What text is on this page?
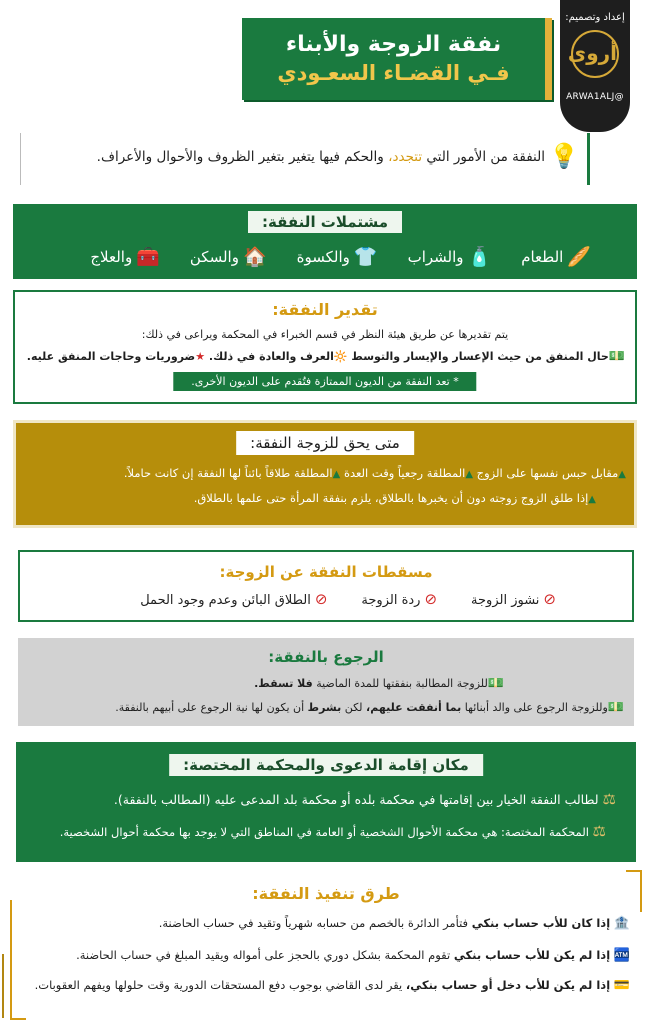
نفقة الزوجة والأبناء
فـي القضـاء السعـودي
إعداد وتصميم:
أروى
@ARWA1ALJ
💡
النفقة من الأمور التي تتجدد، والحكم فيها يتغير بتغير الظروف والأحوال والأعراف.
مشتملات النفقة:
🥖
الطعام
🧴
والشراب
👕
والكسوة
🏠
والسكن
🧰
والعلاج
تقدير النفقة:
يتم تقديرها عن طريق هيئة النظر في قسم الخبراء في المحكمة ويراعى في ذلك:
💵حال المنفق من حيث الإعسار والإيسار والتوسط 🔆العرف والعادة في ذلك. ★ضروريات وحاجات المنفق عليه.
* تعد النفقة من الديون الممتازة فتُقدم على الديون الأخرى.
متى يحق للزوجة النفقة:
▲مقابل حبس نفسها على الزوج ▲المطلقة رجعياً وقت العدة ▲المطلقة طلاقاً بائناً لها النفقة إن كانت حاملاً.
▲إذا طلق الزوج زوجته دون أن يخبرها بالطلاق، يلزم بنفقة المرأة حتى علمها بالطلاق.
مسقطات النفقة عن الزوجة:
⦸نشوز الزوجة
⦸ردة الزوجة
⦸الطلاق البائن وعدم وجود الحمل
الرجوع بالنفقة:
💵للزوجة المطالبة بنفقتها للمدة الماضية فلا تسقط.
💵وللزوجة الرجوع على والد أبنائها بما أنفقت عليهم، لكن بشرط أن يكون لها نية الرجوع على أبيهم بالنفقة.
مكان إقامة الدعوى والمحكمة المختصة:
⚖ لطالب النفقة الخيار بين إقامتها في محكمة بلده أو محكمة بلد المدعى عليه (المطالب بالنفقة).
⚖ المحكمة المختصة: هي محكمة الأحوال الشخصية أو العامة في المناطق التي لا يوجد بها محكمة أحوال الشخصية.
طرق تنفيذ النفقة:
🏦 إذا كان للأب حساب بنكي فتأمر الدائرة بالخصم من حسابه شهرياً وتقيد في حساب الحاضنة.
🏧 إذا لم يكن للأب حساب بنكي تقوم المحكمة بشكل دوري بالحجز على أمواله ويقيد المبلغ في حساب الحاضنة.
💳 إذا لم يكن للأب دخل أو حساب بنكي، يقر لدى القاضي بوجوب دفع المستحقات الدورية وقت حلولها ويفهم العقوبات.
